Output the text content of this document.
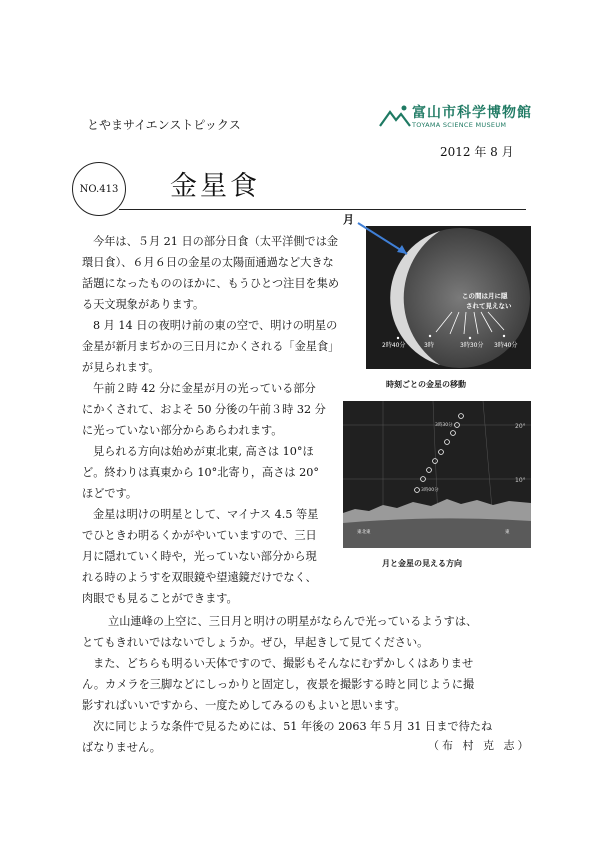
とやまサイエンストピックス
富山市科学博物館
TOYAMA SCIENCE MUSEUM
2012 年 8 月
NO.413 金星食
月
この間は月に隠
されて見えない
2時40分	3時	3時30分 3時40分
時刻ごとの金星の移動
20°
10°
3時30分
3時00分
東北東	東
月と金星の見える方向
今年は、５月 21 日の部分日食（太平洋側では金
環日食）、６月６日の金星の太陽面通過など大きな
話題になったもののほかに、もうひとつ注目を集め
る天文現象があります。
8 月 14 日の夜明け前の東の空で、明けの明星の
金星が新月まぢかの三日月にかくされる「金星食」
が見られます。
午前２時 42 分に金星が月の光っている部分
にかくされて、およそ 50 分後の午前３時 32 分
に光っていない部分からあらわれます。
見られる方向は始めが東北東, 高さは 10°ほ
ど。終わりは真東から 10°北寄り，高さは 20°
ほどです。
金星は明けの明星として、マイナス 4.5 等星
でひときわ明るくかがやいていますので、三日
月に隠れていく時や，光っていない部分から現
れる時のようすを双眼鏡や望遠鏡だけでなく、
肉眼でも見ることができます。
立山連峰の上空に、三日月と明けの明星がならんで光っているようすは、
とてもきれいではないでしょうか。ぜひ，早起きして見てください。
また、どちらも明るい天体ですので、撮影もそんなにむずかしくはありませ
ん。カメラを三脚などにしっかりと固定し，夜景を撮影する時と同じように撮
影すればいいですから、一度ためしてみるのもよいと思います。
次に同じような条件で見るためには、51 年後の 2063 年５月 31 日まで待たね
ばなりません。	（布 村 克 志）
